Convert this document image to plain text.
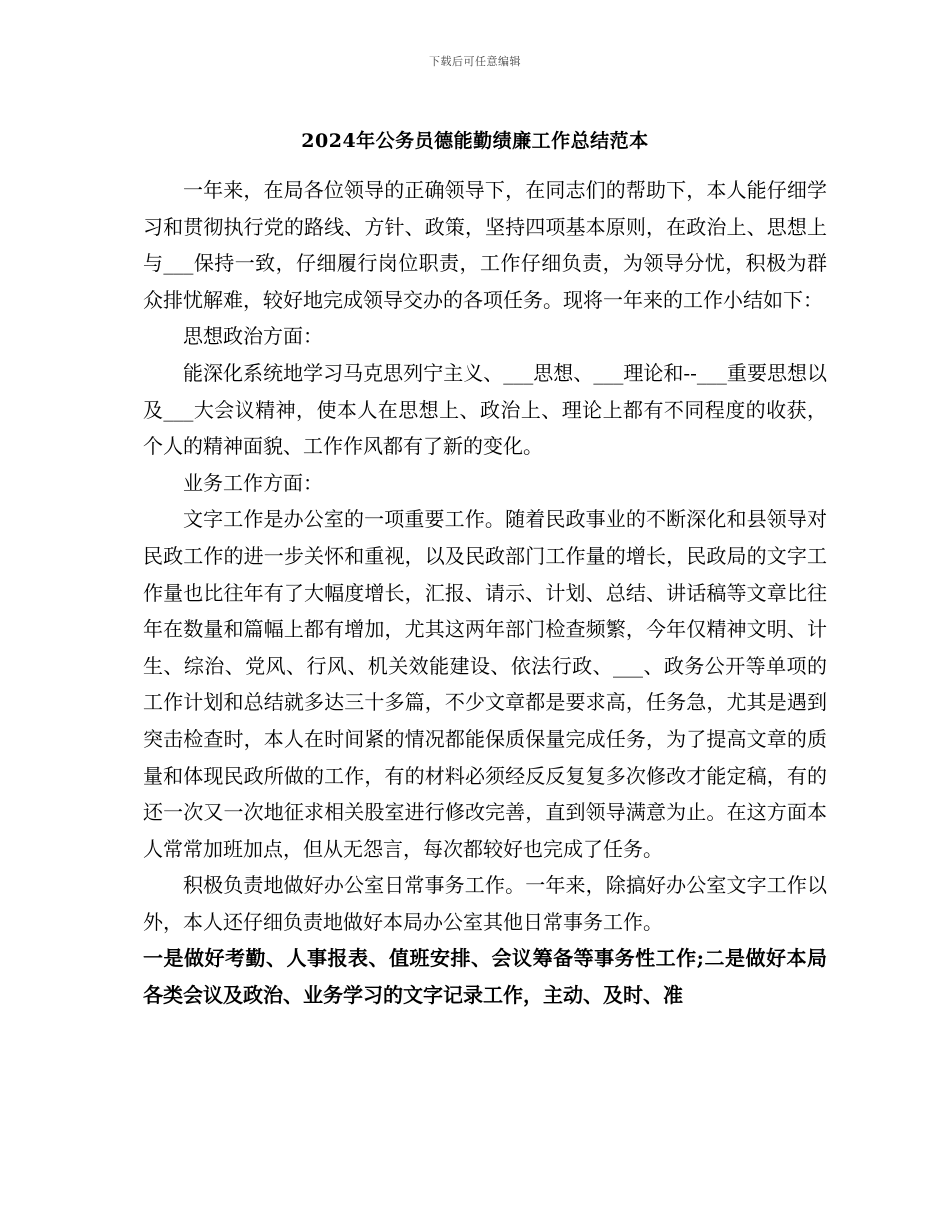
下载后可任意编辑
2024年公务员德能勤绩廉工作总结范本

一年来，在局各位领导的正确领导下，在同志们的帮助下，本人能仔细学习和贯彻执行党的路线、方针、政策，坚持四项基本原则，在政治上、思想上与___保持一致，仔细履行岗位职责，工作仔细负责，为领导分忧，积极为群众排忧解难，较好地完成领导交办的各项任务。现将一年来的工作小结如下：

思想政治方面：

能深化系统地学习马克思列宁主义、___思想、___理论和--___重要思想以及___大会议精神，使本人在思想上、政治上、理论上都有不同程度的收获，个人的精神面貌、工作作风都有了新的变化。

业务工作方面：

文字工作是办公室的一项重要工作。随着民政事业的不断深化和县领导对民政工作的进一步关怀和重视，以及民政部门工作量的增长，民政局的文字工作量也比往年有了大幅度增长，汇报、请示、计划、总结、讲话稿等文章比往年在数量和篇幅上都有增加，尤其这两年部门检查频繁，今年仅精神文明、计生、综治、党风、行风、机关效能建设、依法行政、___、政务公开等单项的工作计划和总结就多达三十多篇，不少文章都是要求高，任务急，尤其是遇到突击检查时，本人在时间紧的情况都能保质保量完成任务，为了提高文章的质量和体现民政所做的工作，有的材料必须经反反复复多次修改才能定稿，有的还一次又一次地征求相关股室进行修改完善，直到领导满意为止。在这方面本人常常加班加点，但从无怨言，每次都较好也完成了任务。

积极负责地做好办公室日常事务工作。一年来，除搞好办公室文字工作以外，本人还仔细负责地做好本局办公室其他日常事务工作。

一是做好考勤、人事报表、值班安排、会议筹备等事务性工作;二是做好本局各类会议及政治、业务学习的文字记录工作，主动、及时、准
